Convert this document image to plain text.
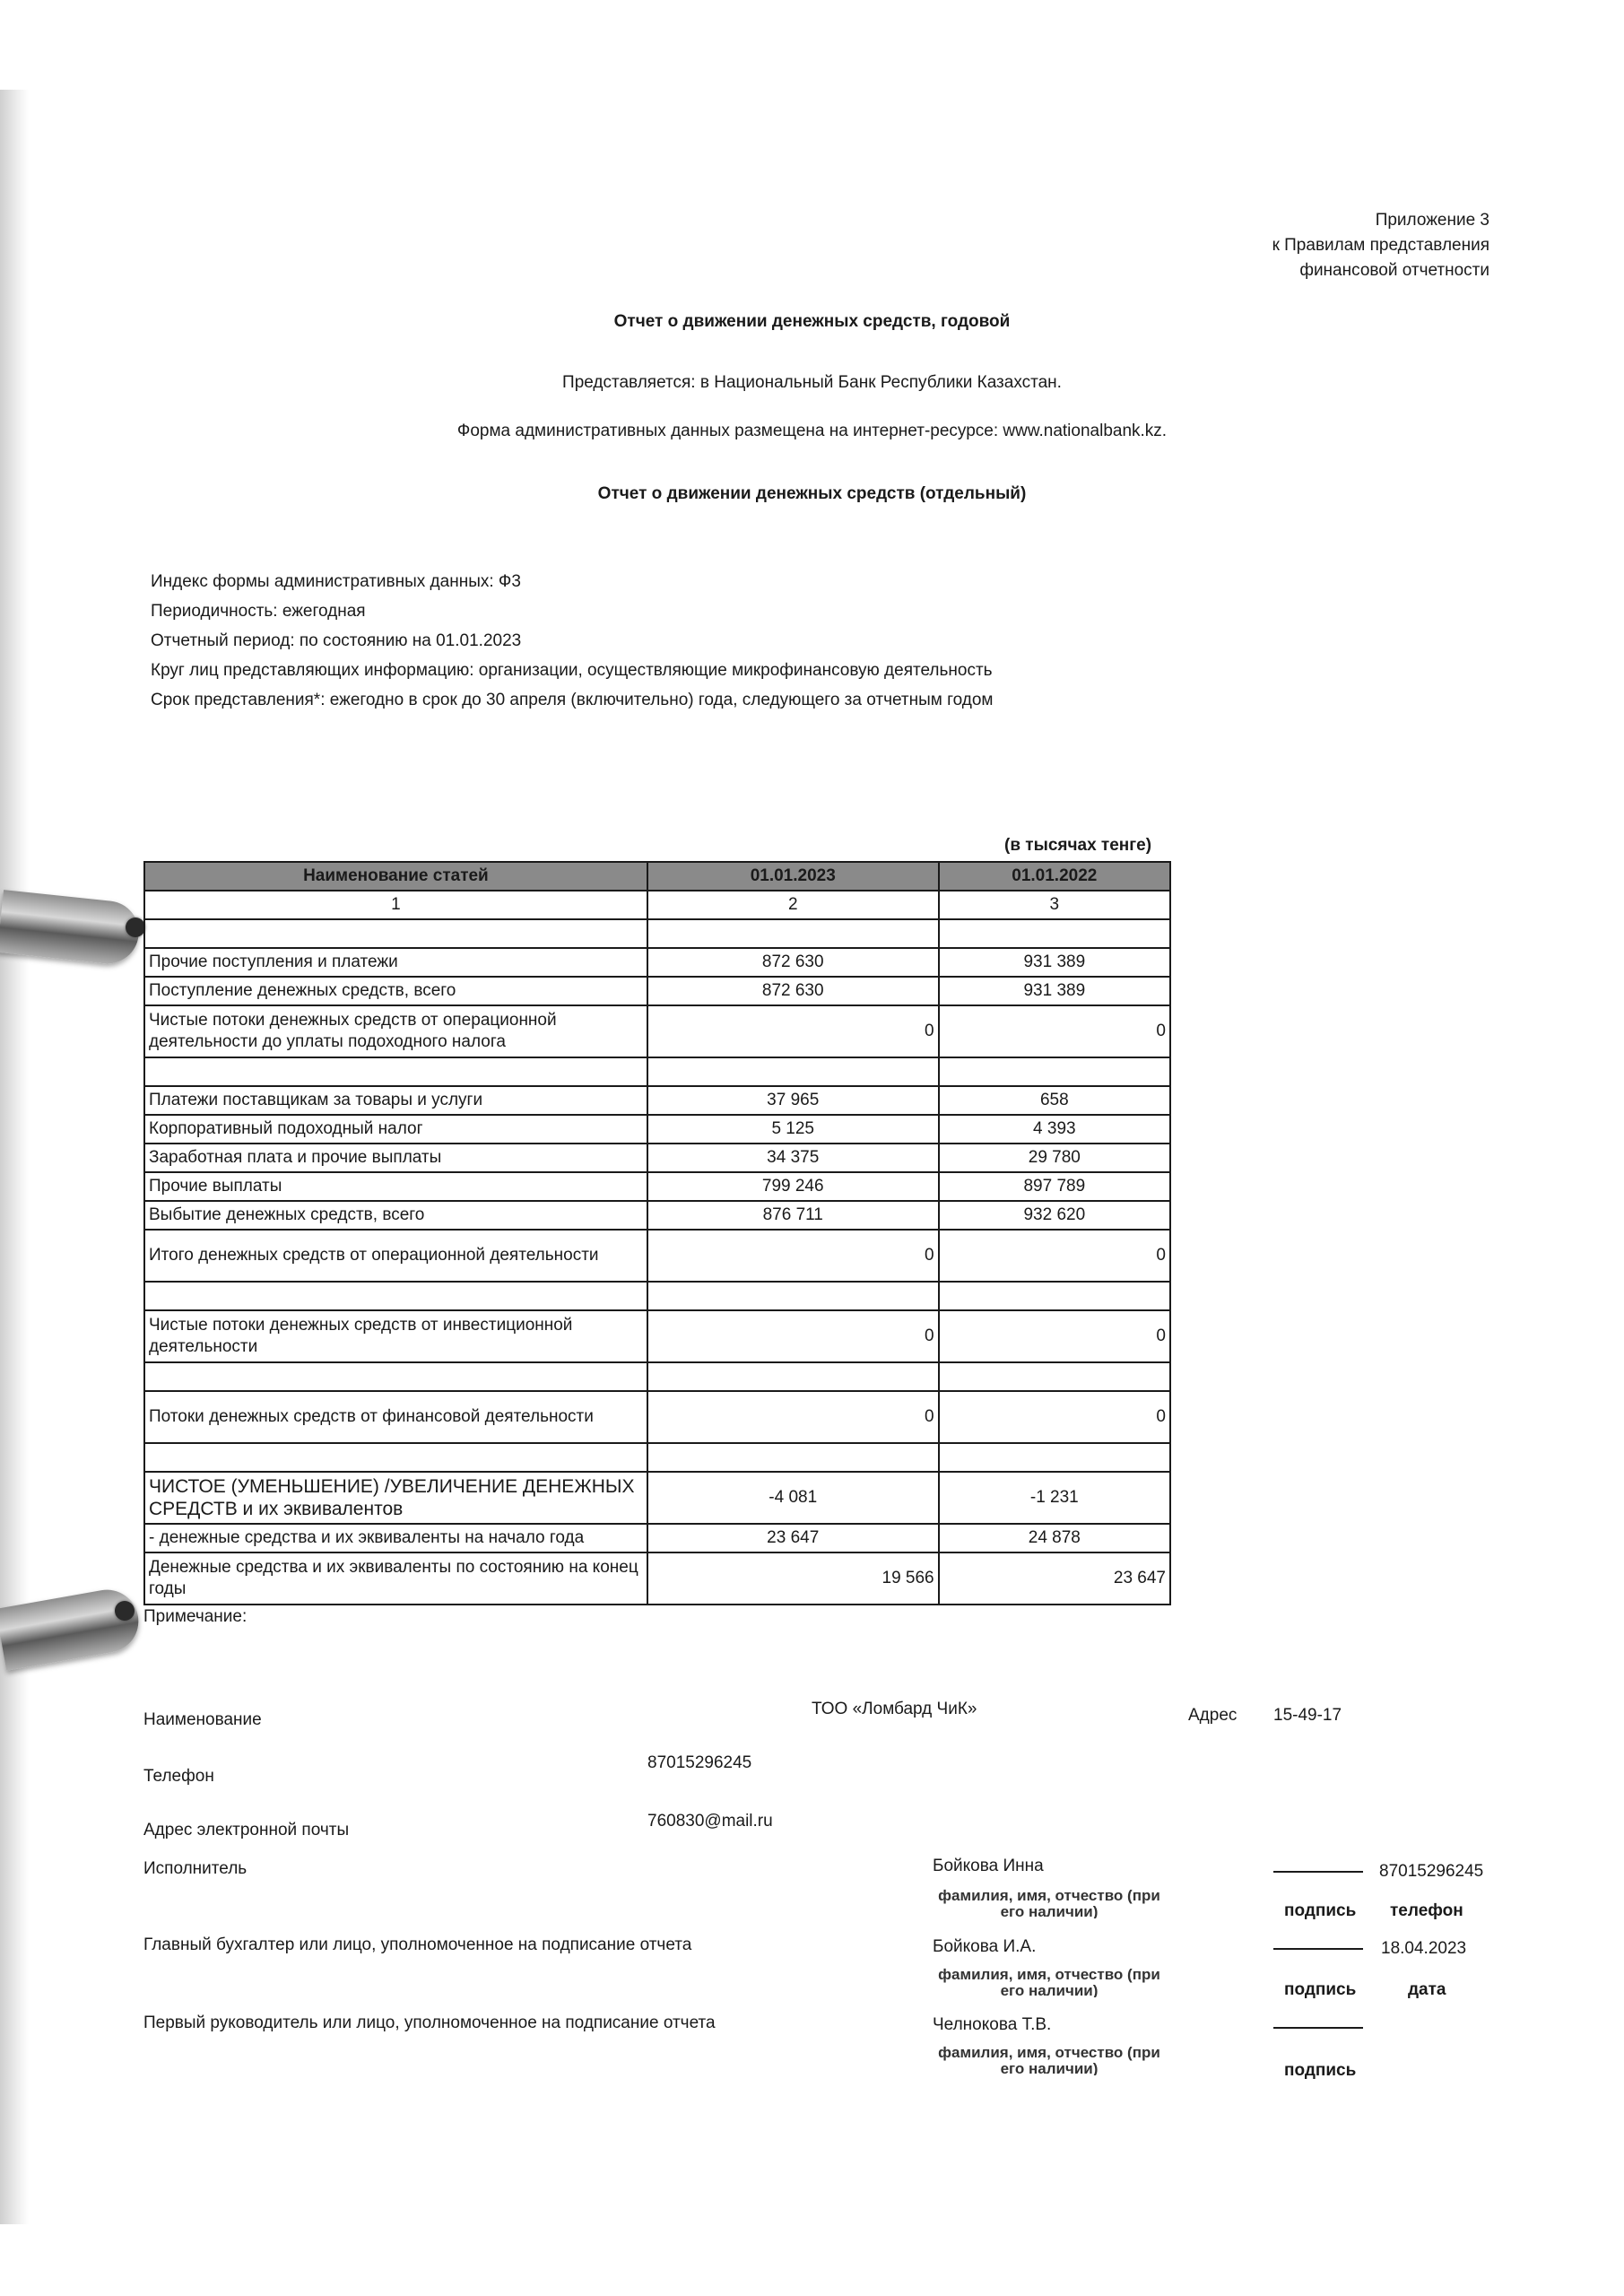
Приложение 3
к Правилам представления
финансовой отчетности
Отчет о движении денежных средств, годовой
Представляется: в Национальный Банк Республики Казахстан.
Форма административных данных размещена на интернет-ресурсе: www.nationalbank.kz.
Отчет о движении денежных средств (отдельный)
Индекс формы административных данных: Ф3
Периодичность: ежегодная
Отчетный период: по состоянию на 01.01.2023
Круг лиц представляющих информацию: организации, осуществляющие микрофинансовую деятельность
Срок представления*: ежегодно в срок до 30 апреля (включительно) года, следующего за отчетным годом
(в тысячах тенге)
Наименование статей	01.01.2023	01.01.2022
1	2	3

Прочие поступления и платежи	872 630	931 389
Поступление денежных средств, всего	872 630	931 389
Чистые потоки денежных средств от операционной деятельности до уплаты подоходного налога	0	0

Платежи поставщикам за товары и услуги	37 965	658
Корпоративный подоходный налог	5 125	4 393
Заработная плата и прочие выплаты	34 375	29 780
Прочие выплаты	799 246	897 789
Выбытие денежных средств, всего	876 711	932 620
Итого денежных средств от операционной деятельности	0	0

Чистые потоки денежных средств от инвестиционной деятельности	0	0

Потоки денежных средств от финансовой деятельности	0	0

ЧИСТОЕ (УМЕНЬШЕНИЕ) /УВЕЛИЧЕНИЕ ДЕНЕЖНЫХ СРЕДСТВ и их эквивалентов	-4 081	-1 231
- денежные средства и их эквиваленты на начало года	23 647	24 878
Денежные средства и их эквиваленты по состоянию на конец годы	19 566	23 647
Примечание:
Наименование
ТОО «Ломбард ЧиК»	Адрес 15-49-17
Телефон
87015296245
Адрес электронной почты	760830@mail.ru
Исполнитель	Бойкова Инна
фамилия, имя, отчество (при его наличии)	подпись
87015296245
телефон
Главный бухгалтер или лицо, уполномоченное на подписание отчета	Бойкова И.А.
фамилия, имя, отчество (при его наличии)	подпись
18.04.2023
дата
Первый руководитель или лицо, уполномоченное на подписание отчета	Челнокова Т.В.
фамилия, имя, отчество (при его наличии)	подпись
